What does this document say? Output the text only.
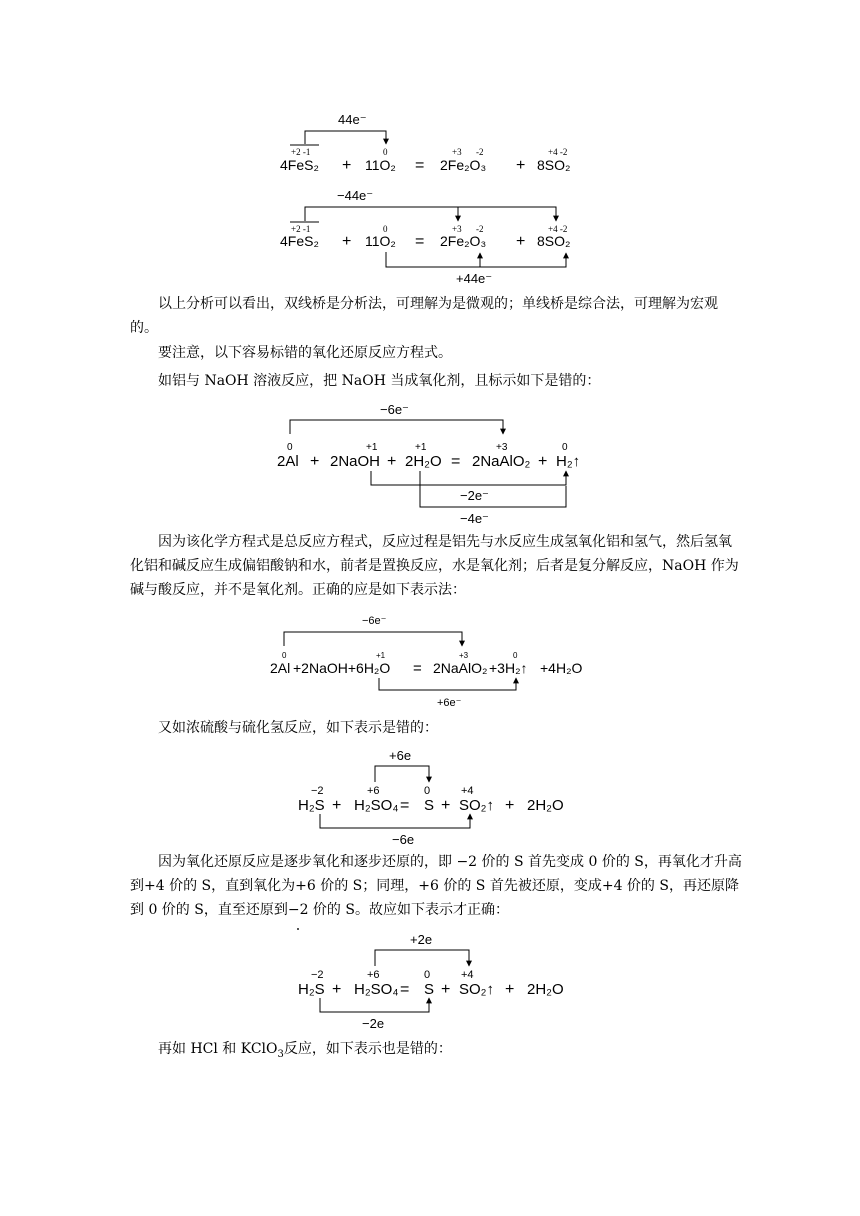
44e⁻
+2 -1	0	+3 -2	+4 -2
4FeS₂ + 11O₂ = 2Fe₂O₃ + 8SO₂
−44e⁻
+2 -1	0	+3 -2	+4 -2
4FeS₂ + 11O₂ = 2Fe₂O₃ + 8SO₂
+44e⁻

以上分析可以看出，双线桥是分析法，可理解为是微观的；单线桥是综合法，可理解为宏观的。

要注意，以下容易标错的氧化还原反应方程式。

如铝与 NaOH 溶液反应，把 NaOH 当成氧化剂，且标示如下是错的：

−6e⁻
0	+1	+1	+3	0
2Al + 2NaOH + 2H₂O = 2NaAlO₂ + H₂↑
−2e⁻
−4e⁻

因为该化学方程式是总反应方程式，反应过程是铝先与水反应生成氢氧化铝和氢气，然后氢氧化铝和碱反应生成偏铝酸钠和水，前者是置换反应，水是氧化剂；后者是复分解反应，NaOH 作为碱与酸反应，并不是氧化剂。正确的应是如下表示法：

−6e⁻
0	+1	+3	0
2Al +2NaOH+6H₂O = 2NaAlO₂ +3H₂↑ +4H₂O
+6e⁻

又如浓硫酸与硫化氢反应，如下表示是错的：

+6e
−2	+6	0	+4
H₂S + H₂SO₄ = S + SO₂↑ + 2H₂O
−6e

因为氧化还原反应是逐步氧化和逐步还原的，即 −2 价的 S 首先变成 0 价的 S，再氧化才升高到+4 价的 S，直到氧化为+6 价的 S；同理，+6 价的 S 首先被还原，变成+4 价的 S，再还原降到 0 价的 S，直至还原到−2 价的 S。故应如下表示才正确：

+2e
−2	+6	0	+4
H₂S + H₂SO₄ = S + SO₂↑ + 2H₂O
−2e

再如 HCl 和 KClO$_3$反应，如下表示也是错的：
